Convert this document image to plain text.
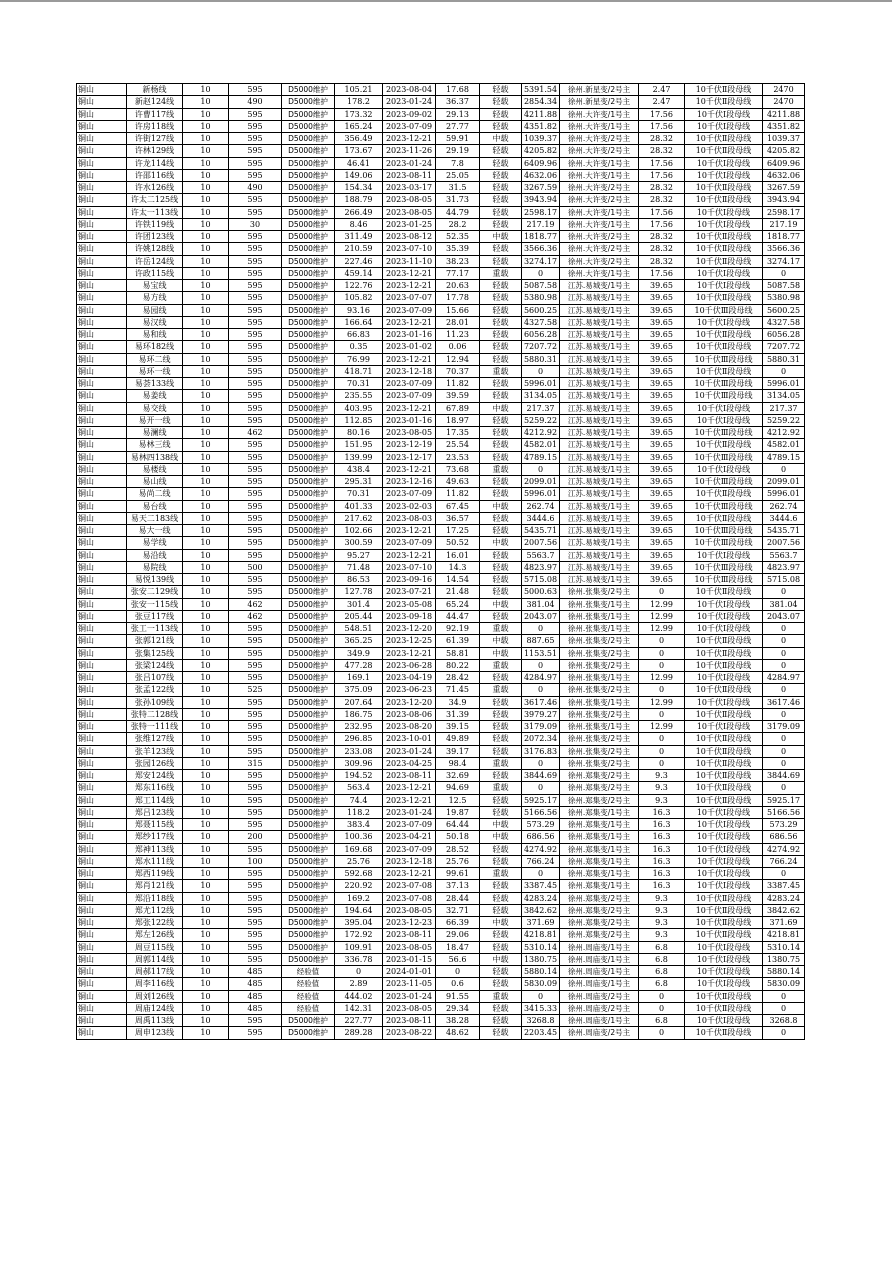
铜山	新杨线	10	595	D5000维护	105.21	2023-08-04	17.68	轻载	5391.54	徐州.新星变/2号主	2.47	10千伏Ⅱ段母线	2470
铜山	新赵124线	10	490	D5000维护	178.2	2023-01-24	36.37	轻载	2854.34	徐州.新星变/2号主	2.47	10千伏Ⅱ段母线	2470
铜山	许曹117线	10	595	D5000维护	173.32	2023-09-02	29.13	轻载	4211.88	徐州.大许变/1号主	17.56	10千伏Ⅰ段母线	4211.88
铜山	许房118线	10	595	D5000维护	165.24	2023-07-09	27.77	轻载	4351.82	徐州.大许变/1号主	17.56	10千伏Ⅰ段母线	4351.82
铜山	许街127线	10	595	D5000维护	356.49	2023-12-21	59.91	中载	1039.37	徐州.大许变/2号主	28.32	10千伏Ⅱ段母线	1039.37
铜山	许林129线	10	595	D5000维护	173.67	2023-11-26	29.19	轻载	4205.82	徐州.大许变/2号主	28.32	10千伏Ⅱ段母线	4205.82
铜山	许龙114线	10	595	D5000维护	46.41	2023-01-24	7.8	轻载	6409.96	徐州.大许变/1号主	17.56	10千伏Ⅰ段母线	6409.96
铜山	许邵116线	10	595	D5000维护	149.06	2023-08-11	25.05	轻载	4632.06	徐州.大许变/1号主	17.56	10千伏Ⅰ段母线	4632.06
铜山	许水126线	10	490	D5000维护	154.34	2023-03-17	31.5	轻载	3267.59	徐州.大许变/2号主	28.32	10千伏Ⅱ段母线	3267.59
铜山	许太二125线	10	595	D5000维护	188.79	2023-08-05	31.73	轻载	3943.94	徐州.大许变/2号主	28.32	10千伏Ⅱ段母线	3943.94
铜山	许太一113线	10	595	D5000维护	266.49	2023-08-05	44.79	轻载	2598.17	徐州.大许变/1号主	17.56	10千伏Ⅰ段母线	2598.17
铜山	许铁119线	10	30	D5000维护	8.46	2023-01-25	28.2	轻载	217.19	徐州.大许变/1号主	17.56	10千伏Ⅰ段母线	217.19
铜山	许团123线	10	595	D5000维护	311.49	2023-08-12	52.35	中载	1818.77	徐州.大许变/2号主	28.32	10千伏Ⅱ段母线	1818.77
铜山	许姚128线	10	595	D5000维护	210.59	2023-07-10	35.39	轻载	3566.36	徐州.大许变/2号主	28.32	10千伏Ⅱ段母线	3566.36
铜山	许岳124线	10	595	D5000维护	227.46	2023-11-10	38.23	轻载	3274.17	徐州.大许变/2号主	28.32	10千伏Ⅱ段母线	3274.17
铜山	许政115线	10	595	D5000维护	459.14	2023-12-21	77.17	重载	0	徐州.大许变/1号主	17.56	10千伏Ⅰ段母线	0
铜山	易宝线	10	595	D5000维护	122.76	2023-12-21	20.63	轻载	5087.58	江苏.易城变/1号主	39.65	10千伏Ⅰ段母线	5087.58
铜山	易方线	10	595	D5000维护	105.82	2023-07-07	17.78	轻载	5380.98	江苏.易城变/1号主	39.65	10千伏Ⅱ段母线	5380.98
铜山	易园线	10	595	D5000维护	93.16	2023-07-09	15.66	轻载	5600.25	江苏.易城变/1号主	39.65	10千伏Ⅲ段母线	5600.25
铜山	易汉线	10	595	D5000维护	166.64	2023-12-21	28.01	轻载	4327.58	江苏.易城变/1号主	39.65	10千伏Ⅰ段母线	4327.58
铜山	易和线	10	595	D5000维护	66.83	2023-01-16	11.23	轻载	6056.28	江苏.易城变/1号主	39.65	10千伏Ⅱ段母线	6056.28
铜山	易环182线	10	595	D5000维护	0.35	2023-01-02	0.06	轻载	7207.72	江苏.易城变/1号主	39.65	10千伏Ⅱ段母线	7207.72
铜山	易环二线	10	595	D5000维护	76.99	2023-12-21	12.94	轻载	5880.31	江苏.易城变/1号主	39.65	10千伏Ⅲ段母线	5880.31
铜山	易环一线	10	595	D5000维护	418.71	2023-12-18	70.37	重载	0	江苏.易城变/1号主	39.65	10千伏Ⅱ段母线	0
铜山	易荟133线	10	595	D5000维护	70.31	2023-07-09	11.82	轻载	5996.01	江苏.易城变/1号主	39.65	10千伏Ⅲ段母线	5996.01
铜山	易姜线	10	595	D5000维护	235.55	2023-07-09	39.59	轻载	3134.05	江苏.易城变/1号主	39.65	10千伏Ⅲ段母线	3134.05
铜山	易交线	10	595	D5000维护	403.95	2023-12-21	67.89	中载	217.37	江苏.易城变/1号主	39.65	10千伏Ⅰ段母线	217.37
铜山	易开一线	10	595	D5000维护	112.85	2023-01-16	18.97	轻载	5259.22	江苏.易城变/1号主	39.65	10千伏Ⅰ段母线	5259.22
铜山	易澜线	10	462	D5000维护	80.16	2023-08-05	17.35	轻载	4212.92	江苏.易城变/1号主	39.65	10千伏Ⅲ段母线	4212.92
铜山	易林三线	10	595	D5000维护	151.95	2023-12-19	25.54	轻载	4582.01	江苏.易城变/1号主	39.65	10千伏Ⅱ段母线	4582.01
铜山	易林四138线	10	595	D5000维护	139.99	2023-12-17	23.53	轻载	4789.15	江苏.易城变/1号主	39.65	10千伏Ⅲ段母线	4789.15
铜山	易楼线	10	595	D5000维护	438.4	2023-12-21	73.68	重载	0	江苏.易城变/1号主	39.65	10千伏Ⅰ段母线	0
铜山	易山线	10	595	D5000维护	295.31	2023-12-16	49.63	轻载	2099.01	江苏.易城变/1号主	39.65	10千伏Ⅲ段母线	2099.01
铜山	易尚二线	10	595	D5000维护	70.31	2023-07-09	11.82	轻载	5996.01	江苏.易城变/1号主	39.65	10千伏Ⅱ段母线	5996.01
铜山	易台线	10	595	D5000维护	401.33	2023-02-03	67.45	中载	262.74	江苏.易城变/1号主	39.65	10千伏Ⅲ段母线	262.74
铜山	易天二183线	10	595	D5000维护	217.62	2023-08-03	36.57	轻载	3444.6	江苏.易城变/1号主	39.65	10千伏Ⅱ段母线	3444.6
铜山	易大一线	10	595	D5000维护	102.66	2023-12-21	17.25	轻载	5435.71	江苏.易城变/1号主	39.65	10千伏Ⅲ段母线	5435.71
铜山	易学线	10	595	D5000维护	300.59	2023-07-09	50.52	中载	2007.56	江苏.易城变/1号主	39.65	10千伏Ⅲ段母线	2007.56
铜山	易沿线	10	595	D5000维护	95.27	2023-12-21	16.01	轻载	5563.7	江苏.易城变/1号主	39.65	10千伏Ⅰ段母线	5563.7
铜山	易院线	10	500	D5000维护	71.48	2023-07-10	14.3	轻载	4823.97	江苏.易城变/1号主	39.65	10千伏Ⅲ段母线	4823.97
铜山	易悦139线	10	595	D5000维护	86.53	2023-09-16	14.54	轻载	5715.08	江苏.易城变/1号主	39.65	10千伏Ⅲ段母线	5715.08
铜山	张安二129线	10	595	D5000维护	127.78	2023-07-21	21.48	轻载	5000.63	徐州.张集变/2号主	0	10千伏Ⅱ段母线	0
铜山	张安一115线	10	462	D5000维护	301.4	2023-05-08	65.24	中载	381.04	徐州.张集变/1号主	12.99	10千伏Ⅰ段母线	381.04
铜山	张豆117线	10	462	D5000维护	205.44	2023-09-18	44.47	轻载	2043.07	徐州.张集变/1号主	12.99	10千伏Ⅰ段母线	2043.07
铜山	张工一113线	10	595	D5000维护	548.51	2023-12-20	92.19	重载	0	徐州.张集变/1号主	12.99	10千伏Ⅰ段母线	0
铜山	张郭121线	10	595	D5000维护	365.25	2023-12-25	61.39	中载	887.65	徐州.张集变/2号主	0	10千伏Ⅱ段母线	0
铜山	张集125线	10	595	D5000维护	349.9	2023-12-21	58.81	中载	1153.51	徐州.张集变/2号主	0	10千伏Ⅱ段母线	0
铜山	张梁124线	10	595	D5000维护	477.28	2023-06-28	80.22	重载	0	徐州.张集变/2号主	0	10千伏Ⅱ段母线	0
铜山	张吕107线	10	595	D5000维护	169.1	2023-04-19	28.42	轻载	4284.97	徐州.张集变/1号主	12.99	10千伏Ⅰ段母线	4284.97
铜山	张孟122线	10	525	D5000维护	375.09	2023-06-23	71.45	重载	0	徐州.张集变/2号主	0	10千伏Ⅱ段母线	0
铜山	张孙109线	10	595	D5000维护	207.64	2023-12-20	34.9	轻载	3617.46	徐州.张集变/1号主	12.99	10千伏Ⅰ段母线	3617.46
铜山	张特二128线	10	595	D5000维护	186.75	2023-08-06	31.39	轻载	3979.27	徐州.张集变/2号主	0	10千伏Ⅱ段母线	0
铜山	张特一111线	10	595	D5000维护	232.95	2023-08-20	39.15	轻载	3179.09	徐州.张集变/1号主	12.99	10千伏Ⅰ段母线	3179.09
铜山	张维127线	10	595	D5000维护	296.85	2023-10-01	49.89	轻载	2072.34	徐州.张集变/2号主	0	10千伏Ⅱ段母线	0
铜山	张羊123线	10	595	D5000维护	233.08	2023-01-24	39.17	轻载	3176.83	徐州.张集变/2号主	0	10千伏Ⅱ段母线	0
铜山	张园126线	10	315	D5000维护	309.96	2023-04-25	98.4	重载	0	徐州.张集变/2号主	0	10千伏Ⅱ段母线	0
铜山	郑安124线	10	595	D5000维护	194.52	2023-08-11	32.69	轻载	3844.69	徐州.郑集变/2号主	9.3	10千伏Ⅱ段母线	3844.69
铜山	郑东116线	10	595	D5000维护	563.4	2023-12-21	94.69	重载	0	徐州.郑集变/2号主	9.3	10千伏Ⅱ段母线	0
铜山	郑工114线	10	595	D5000维护	74.4	2023-12-21	12.5	轻载	5925.17	徐州.郑集变/2号主	9.3	10千伏Ⅱ段母线	5925.17
铜山	郑吕123线	10	595	D5000维护	118.2	2023-01-24	19.87	轻载	5166.56	徐州.郑集变/1号主	16.3	10千伏Ⅰ段母线	5166.56
铜山	郑聂115线	10	595	D5000维护	383.4	2023-07-09	64.44	中载	573.29	徐州.郑集变/1号主	16.3	10千伏Ⅰ段母线	573.29
铜山	郑纱117线	10	200	D5000维护	100.36	2023-04-21	50.18	中载	686.56	徐州.郑集变/1号主	16.3	10千伏Ⅰ段母线	686.56
铜山	郑神113线	10	595	D5000维护	169.68	2023-07-09	28.52	轻载	4274.92	徐州.郑集变/1号主	16.3	10千伏Ⅰ段母线	4274.92
铜山	郑水111线	10	100	D5000维护	25.76	2023-12-18	25.76	轻载	766.24	徐州.郑集变/1号主	16.3	10千伏Ⅰ段母线	766.24
铜山	郑西119线	10	595	D5000维护	592.68	2023-12-21	99.61	重载	0	徐州.郑集变/1号主	16.3	10千伏Ⅰ段母线	0
铜山	郑肖121线	10	595	D5000维护	220.92	2023-07-08	37.13	轻载	3387.45	徐州.郑集变/1号主	16.3	10千伏Ⅰ段母线	3387.45
铜山	郑沿118线	10	595	D5000维护	169.2	2023-07-08	28.44	轻载	4283.24	徐州.郑集变/2号主	9.3	10千伏Ⅱ段母线	4283.24
铜山	郑尤112线	10	595	D5000维护	194.64	2023-08-05	32.71	轻载	3842.62	徐州.郑集变/2号主	9.3	10千伏Ⅱ段母线	3842.62
铜山	郑张122线	10	595	D5000维护	395.04	2023-12-23	66.39	中载	371.69	徐州.郑集变/2号主	9.3	10千伏Ⅱ段母线	371.69
铜山	郑左126线	10	595	D5000维护	172.92	2023-08-11	29.06	轻载	4218.81	徐州.郑集变/2号主	9.3	10千伏Ⅱ段母线	4218.81
铜山	周豆115线	10	595	D5000维护	109.91	2023-08-05	18.47	轻载	5310.14	徐州.周庙变/1号主	6.8	10千伏Ⅰ段母线	5310.14
铜山	周郭114线	10	595	D5000维护	336.78	2023-01-15	56.6	中载	1380.75	徐州.周庙变/1号主	6.8	10千伏Ⅰ段母线	1380.75
铜山	周郝117线	10	485	经验值	0	2024-01-01	0	轻载	5880.14	徐州.周庙变/1号主	6.8	10千伏Ⅰ段母线	5880.14
铜山	周李116线	10	485	经验值	2.89	2023-11-05	0.6	轻载	5830.09	徐州.周庙变/1号主	6.8	10千伏Ⅰ段母线	5830.09
铜山	周刘126线	10	485	经验值	444.02	2023-01-24	91.55	重载	0	徐州.周庙变/2号主	0	10千伏Ⅱ段母线	0
铜山	周庙124线	10	485	经验值	142.31	2023-08-05	29.34	轻载	3415.33	徐州.周庙变/2号主	0	10千伏Ⅱ段母线	0
铜山	周禹113线	10	595	D5000维护	227.77	2023-08-11	38.28	轻载	3268.8	徐州.周庙变/1号主	6.8	10千伏Ⅰ段母线	3268.8
铜山	周申123线	10	595	D5000维护	289.28	2023-08-22	48.62	轻载	2203.45	徐州.周庙变/2号主	0	10千伏Ⅱ段母线	0
